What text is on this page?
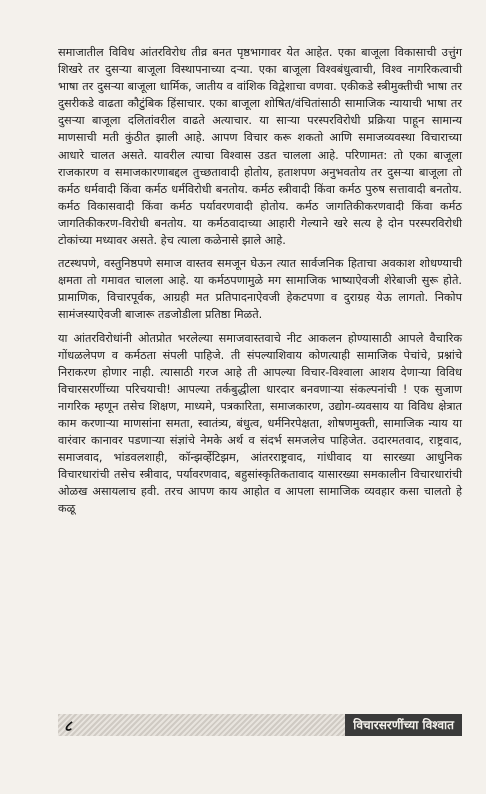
समाजातील विविध आंतरविरोध तीव्र बनत पृष्ठभागावर येत आहेत. एका बाजूला विकासाची उत्तुंग शिखरे तर दुसऱ्या बाजूला विस्थापनाच्या दऱ्या. एका बाजूला विश्वबंधुत्वाची, विश्व नागरिकत्वाची भाषा तर दुसऱ्या बाजूला धार्मिक, जातीय व वांशिक विद्वेशाचा वणवा. एकीकडे स्त्रीमुक्तीची भाषा तर दुसरीकडे वाढता कौटुंबिक हिंसाचार. एका बाजूला शोषित/वंचितांसाठी सामाजिक न्यायाची भाषा तर दुसऱ्या बाजूला दलितांवरील वाढते अत्याचार. या साऱ्या परस्परविरोधी प्रक्रिया पाहून सामान्य माणसाची मती कुंठीत झाली आहे. आपण विचार करू शकतो आणि समाजव्यवस्था विचाराच्या आधारे चालत असते. यावरील त्याचा विश्वास उडत चालला आहे. परिणामत: तो एका बाजूला राजकारण व समाजकारणाबद्दल तुच्छतावादी होतोय, हताशपण अनुभवतोय तर दुसऱ्या बाजूला तो कर्मठ धर्मवादी किंवा कर्मठ धर्मविरोधी बनतोय. कर्मठ स्त्रीवादी किंवा कर्मठ पुरुष सत्तावादी बनतोय. कर्मठ विकासवादी किंवा कर्मठ पर्यावरणवादी होतोय. कर्मठ जागतिकीकरणवादी किंवा कर्मठ जागतिकीकरण-विरोधी बनतोय. या कर्मठवादाच्या आहारी गेल्याने खरे सत्य हे दोन परस्परविरोधी टोकांच्या मध्यावर असते. हेच त्याला कळेनासे झाले आहे.

तटस्थपणे, वस्तुनिष्ठपणे समाज वास्तव समजून घेऊन त्यात सार्वजनिक हिताचा अवकाश शोधण्याची क्षमता तो गमावत चालला आहे. या कर्मठपणामुळे मग सामाजिक भाष्याऐवजी शेरेबाजी सुरू होते. प्रामाणिक, विचारपूर्वक, आग्रही मत प्रतिपादनाऐवजी हेकटपणा व दुराग्रह येऊ लागतो. निकोप सामंजस्याऐवजी बाजारू तडजोडीला प्रतिष्ठा मिळते.

या आंतरविरोधांनी ओतप्रोत भरलेल्या समाजवास्तवाचे नीट आकलन होण्यासाठी आपले वैचारिक गोंधळलेपण व कर्मठता संपली पाहिजे. ती संपल्याशिवाय कोणत्याही सामाजिक पेचांचे, प्रश्नांचे निराकरण होणार नाही. त्यासाठी गरज आहे ती आपल्या विचार-विश्वाला आशय देणाऱ्या विविध विचारसरणींच्या परिचयाची! आपल्या तर्कबुद्धीला धारदार बनवणाऱ्या संकल्पनांची ! एक सुजाण नागरिक म्हणून तसेच शिक्षण, माध्यमे, पत्रकारिता, समाजकारण, उद्योग-व्यवसाय या विविध क्षेत्रात काम करणाऱ्या माणसांना समता, स्वातंत्र्य, बंधुत्व, धर्मनिरपेक्षता, शोषणमुक्ती, सामाजिक न्याय या वारंवार कानावर पडणाऱ्या संज्ञांचे नेमके अर्थ व संदर्भ समजलेच पाहिजेत. उदारमतवाद, राष्ट्रवाद, समाजवाद, भांडवलशाही, कॉन्झर्व्हेटिझम, आंतरराष्ट्रवाद, गांधीवाद या सारख्या आधुनिक विचारधारांची तसेच स्त्रीवाद, पर्यावरणवाद, बहुसांस्कृतिकतावाद यासारख्या समकालीन विचारधारांची ओळख असायलाच हवी. तरच आपण काय आहोत व आपला सामाजिक व्यवहार कसा चालतो हे कळू

८	विचारसरणींच्या विश्वात
